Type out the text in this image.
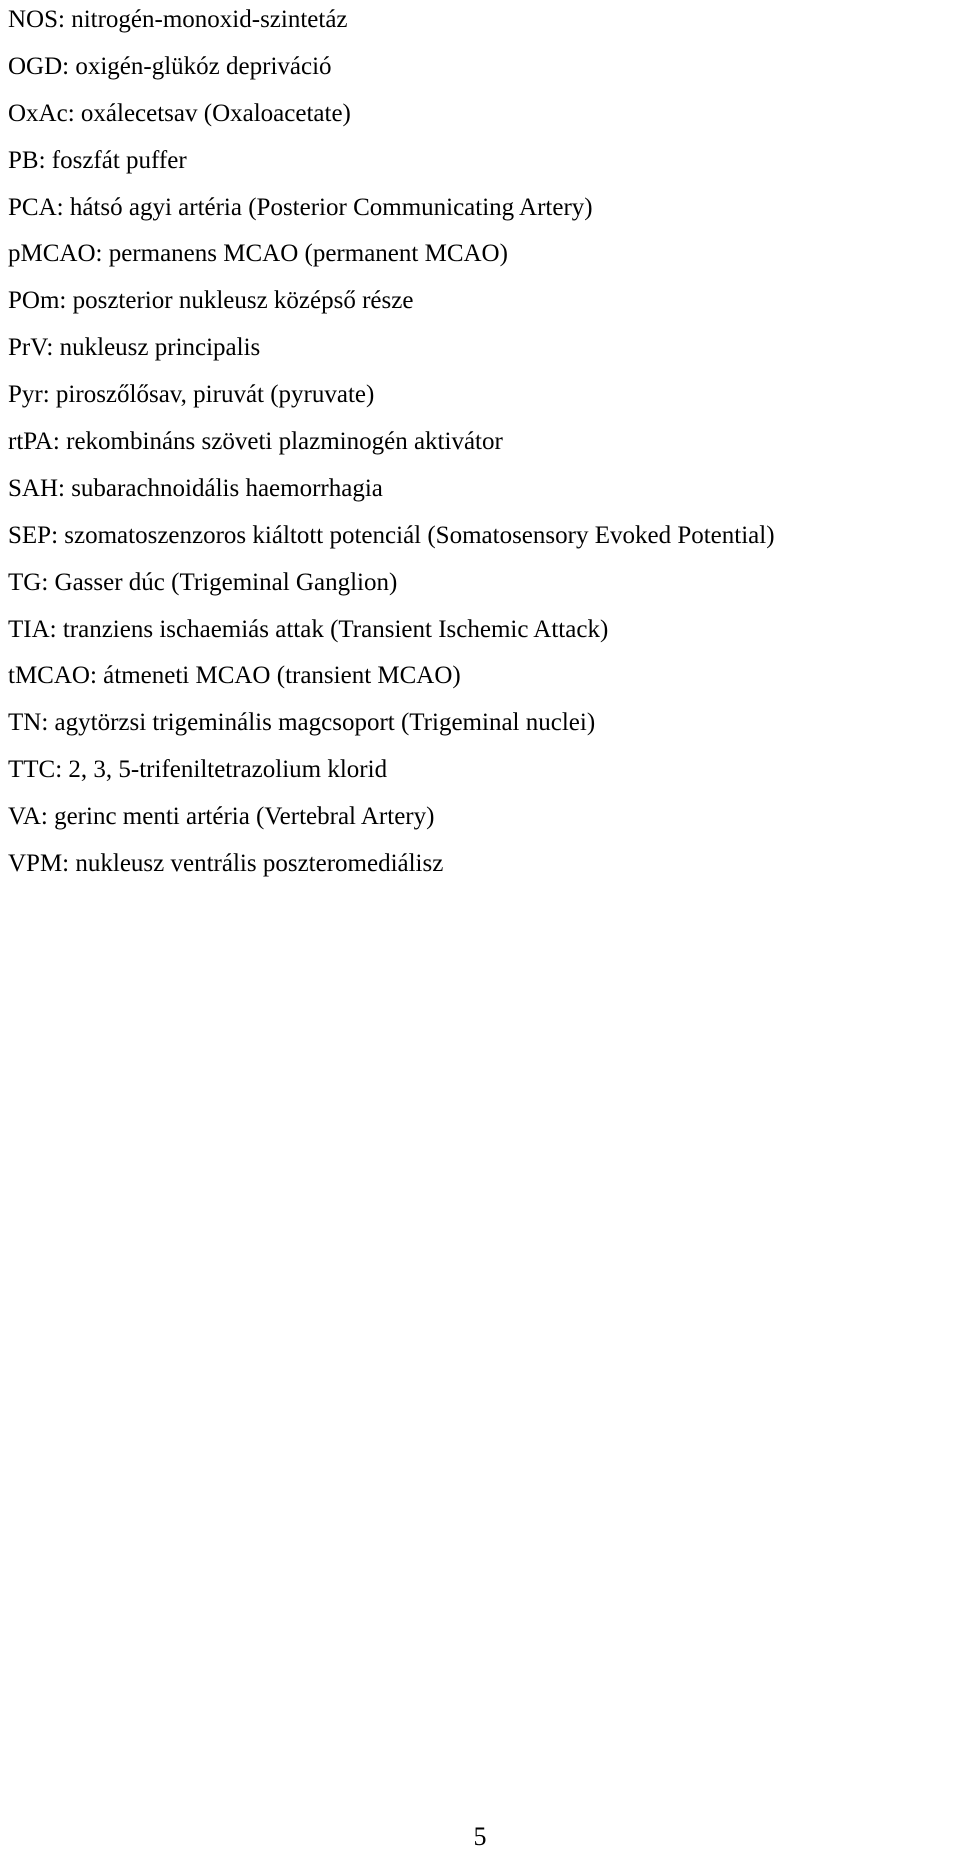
NOS: nitrogén-monoxid-szintetáz
OGD: oxigén-glükóz depriváció
OxAc: oxálecetsav (Oxaloacetate)
PB: foszfát puffer
PCA: hátsó agyi artéria (Posterior Communicating Artery)
pMCAO: permanens MCAO (permanent MCAO)
POm: poszterior nukleusz középső része
PrV: nukleusz principalis
Pyr: piroszőlősav, piruvát (pyruvate)
rtPA: rekombináns szöveti plazminogén aktivátor
SAH: subarachnoidális haemorrhagia
SEP: szomatoszenzoros kiáltott potenciál (Somatosensory Evoked Potential)
TG: Gasser dúc (Trigeminal Ganglion)
TIA: tranziens ischaemiás attak (Transient Ischemic Attack)
tMCAO: átmeneti MCAO (transient MCAO)
TN: agytörzsi trigeminális magcsoport (Trigeminal nuclei)
TTC: 2, 3, 5-trifeniltetrazolium klorid
VA: gerinc menti artéria (Vertebral Artery)
VPM: nukleusz ventrális poszteromediálisz
5
